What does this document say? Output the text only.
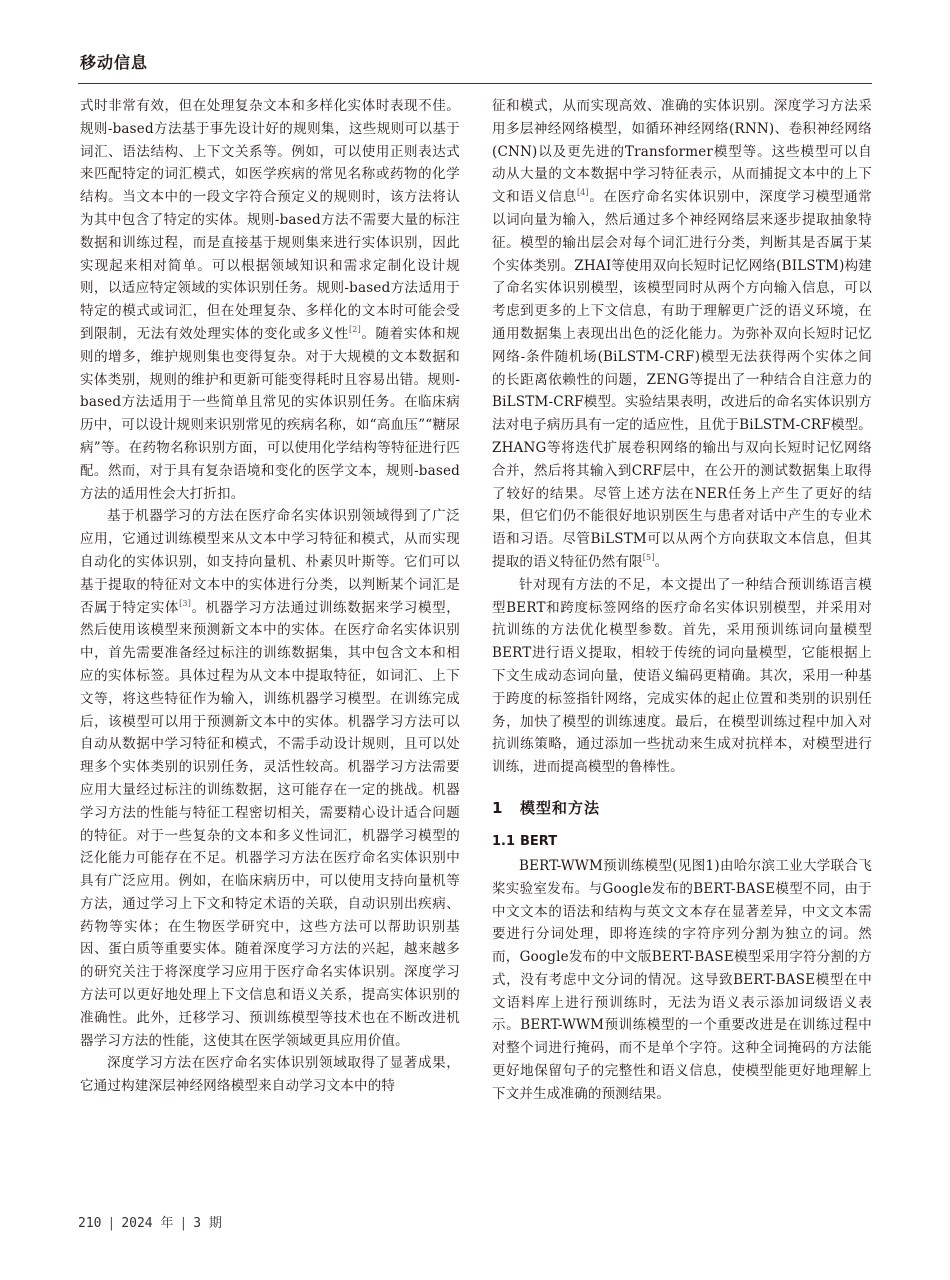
移动信息

式时非常有效，但在处理复杂文本和多样化实体时表现不佳。规则-based方法基于事先设计好的规则集，这些规则可以基于词汇、语法结构、上下文关系等。例如，可以使用正则表达式来匹配特定的词汇模式，如医学疾病的常见名称或药物的化学结构。当文本中的一段文字符合预定义的规则时，该方法将认为其中包含了特定的实体。规则-based方法不需要大量的标注数据和训练过程，而是直接基于规则集来进行实体识别，因此实现起来相对简单。可以根据领域知识和需求定制化设计规则，以适应特定领域的实体识别任务。规则-based方法适用于特定的模式或词汇，但在处理复杂、多样化的文本时可能会受到限制，无法有效处理实体的变化或多义性[2]。随着实体和规则的增多，维护规则集也变得复杂。对于大规模的文本数据和实体类别，规则的维护和更新可能变得耗时且容易出错。规则-based方法适用于一些简单且常见的实体识别任务。在临床病历中，可以设计规则来识别常见的疾病名称，如“高血压”“糖尿病”等。在药物名称识别方面，可以使用化学结构等特征进行匹配。然而，对于具有复杂语境和变化的医学文本，规则-based方法的适用性会大打折扣。

基于机器学习的方法在医疗命名实体识别领域得到了广泛应用，它通过训练模型来从文本中学习特征和模式，从而实现自动化的实体识别，如支持向量机、朴素贝叶斯等。它们可以基于提取的特征对文本中的实体进行分类，以判断某个词汇是否属于特定实体[3]。机器学习方法通过训练数据来学习模型，然后使用该模型来预测新文本中的实体。在医疗命名实体识别中，首先需要准备经过标注的训练数据集，其中包含文本和相应的实体标签。具体过程为从文本中提取特征，如词汇、上下文等，将这些特征作为输入，训练机器学习模型。在训练完成后，该模型可以用于预测新文本中的实体。机器学习方法可以自动从数据中学习特征和模式，不需手动设计规则，且可以处理多个实体类别的识别任务，灵活性较高。机器学习方法需要应用大量经过标注的训练数据，这可能存在一定的挑战。机器学习方法的性能与特征工程密切相关，需要精心设计适合问题的特征。对于一些复杂的文本和多义性词汇，机器学习模型的泛化能力可能存在不足。机器学习方法在医疗命名实体识别中具有广泛应用。例如，在临床病历中，可以使用支持向量机等方法，通过学习上下文和特定术语的关联，自动识别出疾病、药物等实体；在生物医学研究中，这些方法可以帮助识别基因、蛋白质等重要实体。随着深度学习方法的兴起，越来越多的研究关注于将深度学习应用于医疗命名实体识别。深度学习方法可以更好地处理上下文信息和语义关系，提高实体识别的准确性。此外，迁移学习、预训练模型等技术也在不断改进机器学习方法的性能，这使其在医学领域更具应用价值。

深度学习方法在医疗命名实体识别领域取得了显著成果，它通过构建深层神经网络模型来自动学习文本中的特

征和模式，从而实现高效、准确的实体识别。深度学习方法采用多层神经网络模型，如循环神经网络(RNN)、卷积神经网络(CNN)以及更先进的Transformer模型等。这些模型可以自动从大量的文本数据中学习特征表示，从而捕捉文本中的上下文和语义信息[4]。在医疗命名实体识别中，深度学习模型通常以词向量为输入，然后通过多个神经网络层来逐步提取抽象特征。模型的输出层会对每个词汇进行分类，判断其是否属于某个实体类别。ZHAI等使用双向长短时记忆网络(BILSTM)构建了命名实体识别模型，该模型同时从两个方向输入信息，可以考虑到更多的上下文信息，有助于理解更广泛的语义环境，在通用数据集上表现出出色的泛化能力。为弥补双向长短时记忆网络-条件随机场(BiLSTM-CRF)模型无法获得两个实体之间的长距离依赖性的问题，ZENG等提出了一种结合自注意力的BiLSTM-CRF模型。实验结果表明，改进后的命名实体识别方法对电子病历具有一定的适应性，且优于BiLSTM-CRF模型。ZHANG等将迭代扩展卷积网络的输出与双向长短时记忆网络合并，然后将其输入到CRF层中，在公开的测试数据集上取得了较好的结果。尽管上述方法在NER任务上产生了更好的结果，但它们仍不能很好地识别医生与患者对话中产生的专业术语和习语。尽管BiLSTM可以从两个方向获取文本信息，但其提取的语义特征仍然有限[5]。

针对现有方法的不足，本文提出了一种结合预训练语言模型BERT和跨度标签网络的医疗命名实体识别模型，并采用对抗训练的方法优化模型参数。首先，采用预训练词向量模型BERT进行语义提取，相较于传统的词向量模型，它能根据上下文生成动态词向量，使语义编码更精确。其次，采用一种基于跨度的标签指针网络，完成实体的起止位置和类别的识别任务，加快了模型的训练速度。最后，在模型训练过程中加入对抗训练策略，通过添加一些扰动来生成对抗样本，对模型进行训练，进而提高模型的鲁棒性。

1 模型和方法
1.1 BERT

BERT-WWM预训练模型(见图1)由哈尔滨工业大学联合飞桨实验室发布。与Google发布的BERT-BASE模型不同，由于中文文本的语法和结构与英文文本存在显著差异，中文文本需要进行分词处理，即将连续的字符序列分割为独立的词。然而，Google发布的中文版BERT-BASE模型采用字符分割的方式，没有考虑中文分词的情况。这导致BERT-BASE模型在中文语料库上进行预训练时，无法为语义表示添加词级语义表示。BERT-WWM预训练模型的一个重要改进是在训练过程中对整个词进行掩码，而不是单个字符。这种全词掩码的方法能更好地保留句子的完整性和语义信息，使模型能更好地理解上下文并生成准确的预测结果。

210 | 2024 年 | 3 期
